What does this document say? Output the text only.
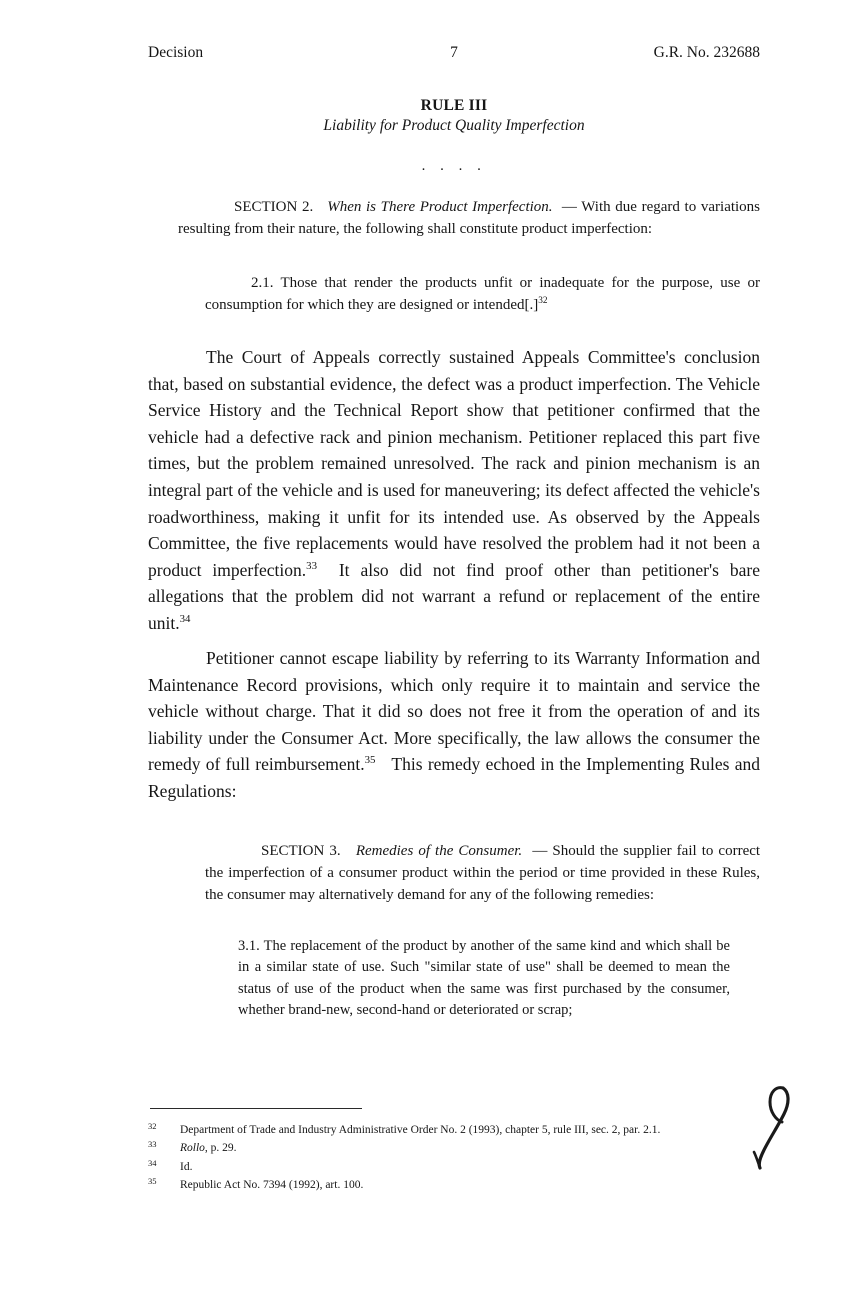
Decision	7	G.R. No. 232688
RULE III
Liability for Product Quality Imperfection
. . . .
SECTION 2. When is There Product Imperfection. — With due regard to variations resulting from their nature, the following shall constitute product imperfection:
2.1. Those that render the products unfit or inadequate for the purpose, use or consumption for which they are designed or intended[.]$^{32}$
The Court of Appeals correctly sustained Appeals Committee's conclusion that, based on substantial evidence, the defect was a product imperfection. The Vehicle Service History and the Technical Report show that petitioner confirmed that the vehicle had a defective rack and pinion mechanism. Petitioner replaced this part five times, but the problem remained unresolved. The rack and pinion mechanism is an integral part of the vehicle and is used for maneuvering; its defect affected the vehicle's roadworthiness, making it unfit for its intended use. As observed by the Appeals Committee, the five replacements would have resolved the problem had it not been a product imperfection.$^{33}$ It also did not find proof other than petitioner's bare allegations that the problem did not warrant a refund or replacement of the entire unit.$^{34}$
Petitioner cannot escape liability by referring to its Warranty Information and Maintenance Record provisions, which only require it to maintain and service the vehicle without charge. That it did so does not free it from the operation of and its liability under the Consumer Act. More specifically, the law allows the consumer the remedy of full reimbursement.$^{35}$ This remedy echoed in the Implementing Rules and Regulations:
SECTION 3. Remedies of the Consumer. — Should the supplier fail to correct the imperfection of a consumer product within the period or time provided in these Rules, the consumer may alternatively demand for any of the following remedies:
3.1. The replacement of the product by another of the same kind and which shall be in a similar state of use. Such "similar state of use" shall be deemed to mean the status of use of the product when the same was first purchased by the consumer, whether brand-new, second-hand or deteriorated or scrap;
32	Department of Trade and Industry Administrative Order No. 2 (1993), chapter 5, rule III, sec. 2, par. 2.1.
33	Rollo, p. 29.
34	Id.
35	Republic Act No. 7394 (1992), art. 100.
